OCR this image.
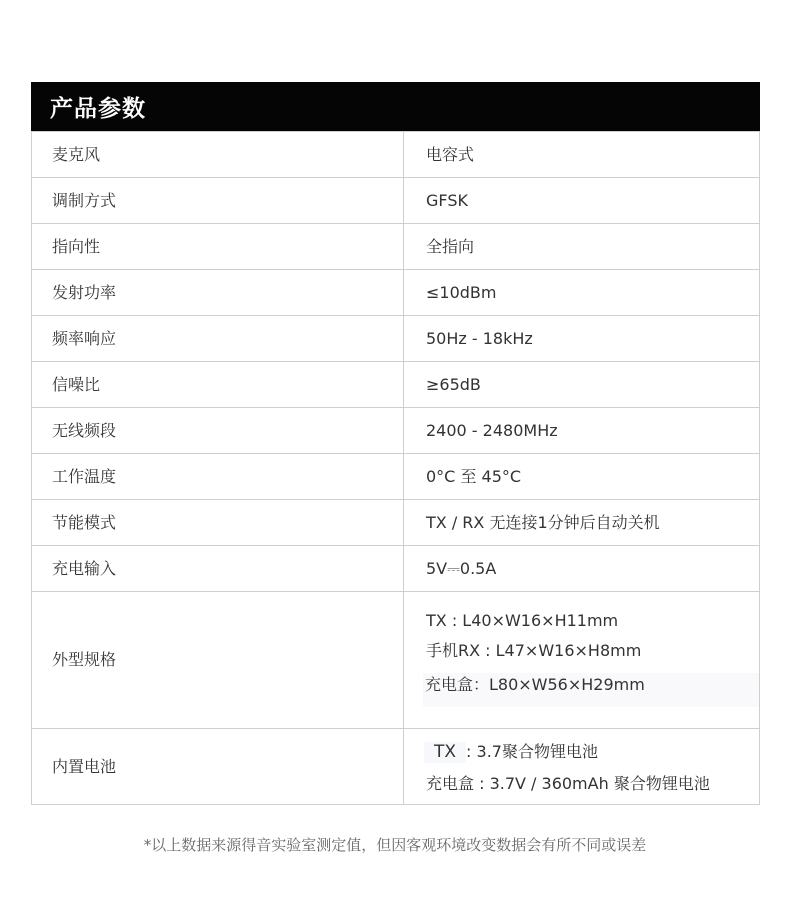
产品参数
麦克风	电容式
调制方式	GFSK
指向性	全指向
发射功率	≤10dBm
频率响应	50Hz - 18kHz
信噪比	≥65dB
无线频段	2400 - 2480MHz
工作温度	0°C 至 45°C
节能模式	TX / RX 无连接1分钟后自动关机
充电输入	5V⎓0.5A
外型规格	TX : L40×W16×H11mm
手机RX : L47×W16×H8mm
充电盒：L80×W56×H29mm

内置电池	TX : 3.7聚合物锂电池
充电盒 : 3.7V / 360mAh 聚合物锂电池
*以上数据来源得音实验室测定值，但因客观环境改变数据会有所不同或误差
